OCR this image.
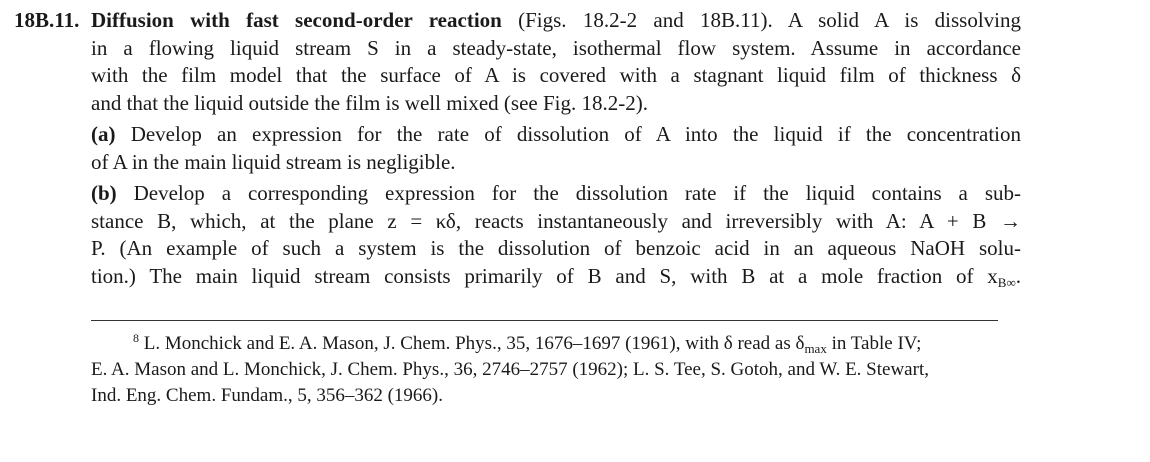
18B.11. Diffusion with fast second-order reaction (Figs. 18.2-2 and 18B.11). A solid A is dissolving
in a flowing liquid stream S in a steady-state, isothermal flow system. Assume in accordance
with the film model that the surface of A is covered with a stagnant liquid film of thickness δ
and that the liquid outside the film is well mixed (see Fig. 18.2-2).
(a) Develop an expression for the rate of dissolution of A into the liquid if the concentration
of A in the main liquid stream is negligible.
(b) Develop a corresponding expression for the dissolution rate if the liquid contains a sub-
stance B, which, at the plane z = κδ, reacts instantaneously and irreversibly with A: A + B →
P. (An example of such a system is the dissolution of benzoic acid in an aqueous NaOH solu-
tion.) The main liquid stream consists primarily of B and S, with B at a mole fraction of $x_{B\infty}$.
$^8$ L. Monchick and E. A. Mason, J. Chem. Phys., 35, 1676–1697 (1961), with δ read as $\delta_{max}$ in Table IV;
E. A. Mason and L. Monchick, J. Chem. Phys., 36, 2746–2757 (1962); L. S. Tee, S. Gotoh, and W. E. Stewart,
Ind. Eng. Chem. Fundam., 5, 356–362 (1966).
